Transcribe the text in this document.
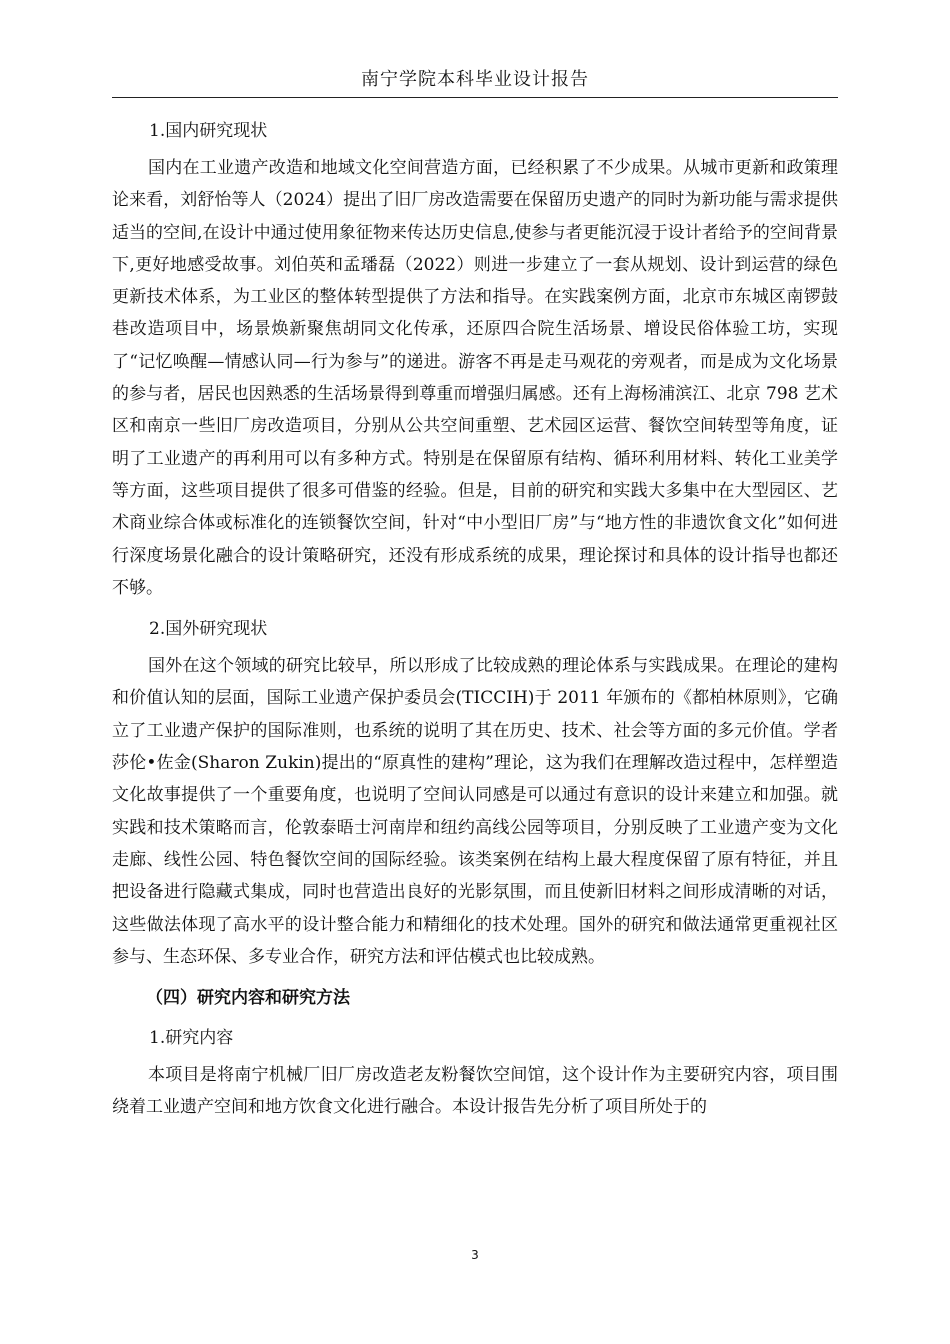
南宁学院本科毕业设计报告

1.国内研究现状

国内在工业遗产改造和地域文化空间营造方面，已经积累了不少成果。从城市更新和政策理论来看，刘舒怡等人（2024）提出了旧厂房改造需要在保留历史遗产的同时为新功能与需求提供适当的空间,在设计中通过使用象征物来传达历史信息,使参与者更能沉浸于设计者给予的空间背景下,更好地感受故事。刘伯英和孟璠磊（2022）则进一步建立了一套从规划、设计到运营的绿色更新技术体系，为工业区的整体转型提供了方法和指导。在实践案例方面，北京市东城区南锣鼓巷改造项目中，场景焕新聚焦胡同文化传承，还原四合院生活场景、增设民俗体验工坊，实现了“记忆唤醒—情感认同—行为参与”的递进。游客不再是走马观花的旁观者，而是成为文化场景的参与者，居民也因熟悉的生活场景得到尊重而增强归属感。还有上海杨浦滨江、北京 798 艺术区和南京一些旧厂房改造项目，分别从公共空间重塑、艺术园区运营、餐饮空间转型等角度，证明了工业遗产的再利用可以有多种方式。特别是在保留原有结构、循环利用材料、转化工业美学等方面，这些项目提供了很多可借鉴的经验。但是，目前的研究和实践大多集中在大型园区、艺术商业综合体或标准化的连锁餐饮空间，针对“中小型旧厂房”与“地方性的非遗饮食文化”如何进行深度场景化融合的设计策略研究，还没有形成系统的成果，理论探讨和具体的设计指导也都还不够。

2.国外研究现状

国外在这个领域的研究比较早，所以形成了比较成熟的理论体系与实践成果。在理论的建构和价值认知的层面，国际工业遗产保护委员会(TICCIH)于 2011 年颁布的《都柏林原则》，它确立了工业遗产保护的国际准则，也系统的说明了其在历史、技术、社会等方面的多元价值。学者莎伦•佐金(Sharon Zukin)提出的“原真性的建构”理论，这为我们在理解改造过程中，怎样塑造文化故事提供了一个重要角度，也说明了空间认同感是可以通过有意识的设计来建立和加强。就实践和技术策略而言，伦敦泰晤士河南岸和纽约高线公园等项目，分别反映了工业遗产变为文化走廊、线性公园、特色餐饮空间的国际经验。该类案例在结构上最大程度保留了原有特征，并且把设备进行隐藏式集成，同时也营造出良好的光影氛围，而且使新旧材料之间形成清晰的对话，这些做法体现了高水平的设计整合能力和精细化的技术处理。国外的研究和做法通常更重视社区参与、生态环保、多专业合作，研究方法和评估模式也比较成熟。

（四）研究内容和研究方法

1.研究内容

本项目是将南宁机械厂旧厂房改造老友粉餐饮空间馆，这个设计作为主要研究内容，项目围绕着工业遗产空间和地方饮食文化进行融合。本设计报告先分析了项目所处于的

3
